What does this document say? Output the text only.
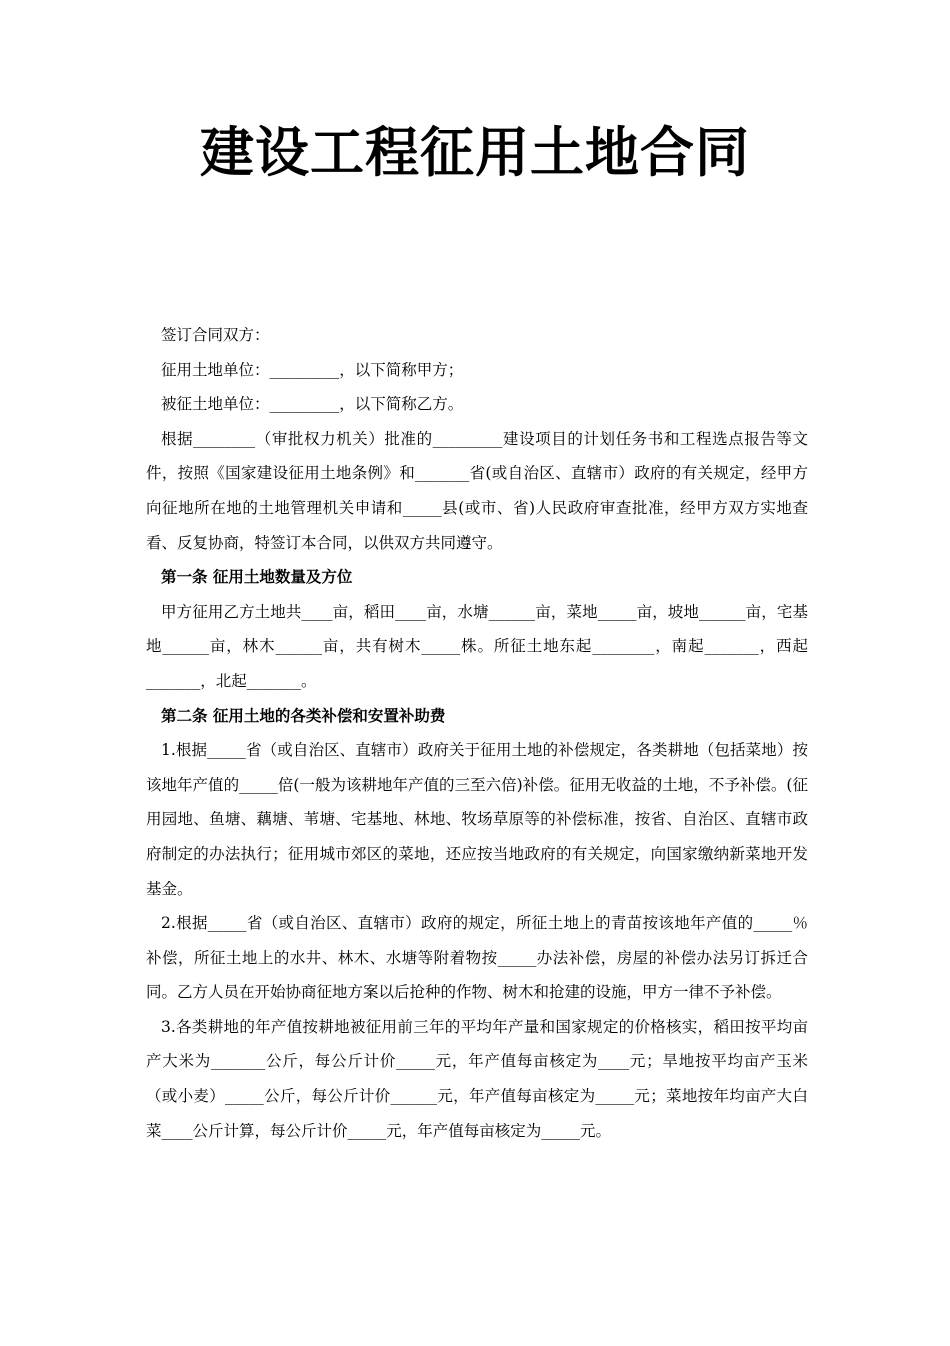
建设工程征用土地合同

签订合同双方：

征用土地单位：_________，以下简称甲方；

被征土地单位：_________，以下简称乙方。

根据________（审批权力机关）批准的_________建设项目的计划任务书和工程选点报告等文件，按照《国家建设征用土地条例》和_______省(或自治区、直辖市）政府的有关规定，经甲方向征地所在地的土地管理机关申请和_____县(或市、省)人民政府审查批准，经甲方双方实地查看、反复协商，特签订本合同，以供双方共同遵守。

第一条 征用土地数量及方位

甲方征用乙方土地共____亩，稻田____亩，水塘______亩，菜地_____亩，坡地______亩，宅基地______亩，林木______亩，共有树木_____株。所征土地东起________，南起_______，西起_______，北起_______。

第二条 征用土地的各类补偿和安置补助费

1.根据_____省（或自治区、直辖市）政府关于征用土地的补偿规定，各类耕地（包括菜地）按该地年产值的_____倍(一般为该耕地年产值的三至六倍)补偿。征用无收益的土地，不予补偿。(征用园地、鱼塘、藕塘、苇塘、宅基地、林地、牧场草原等的补偿标准，按省、自治区、直辖市政府制定的办法执行；征用城市郊区的菜地，还应按当地政府的有关规定，向国家缴纳新菜地开发基金。

2.根据_____省（或自治区、直辖市）政府的规定，所征土地上的青苗按该地年产值的_____％补偿，所征土地上的水井、林木、水塘等附着物按_____办法补偿，房屋的补偿办法另订拆迁合同。乙方人员在开始协商征地方案以后抢种的作物、树木和抢建的设施，甲方一律不予补偿。

3.各类耕地的年产值按耕地被征用前三年的平均年产量和国家规定的价格核实，稻田按平均亩产大米为_______公斤，每公斤计价_____元，年产值每亩核定为____元；旱地按平均亩产玉米（或小麦）_____公斤，每公斤计价______元，年产值每亩核定为_____元；菜地按年均亩产大白菜____公斤计算，每公斤计价_____元，年产值每亩核定为_____元。
